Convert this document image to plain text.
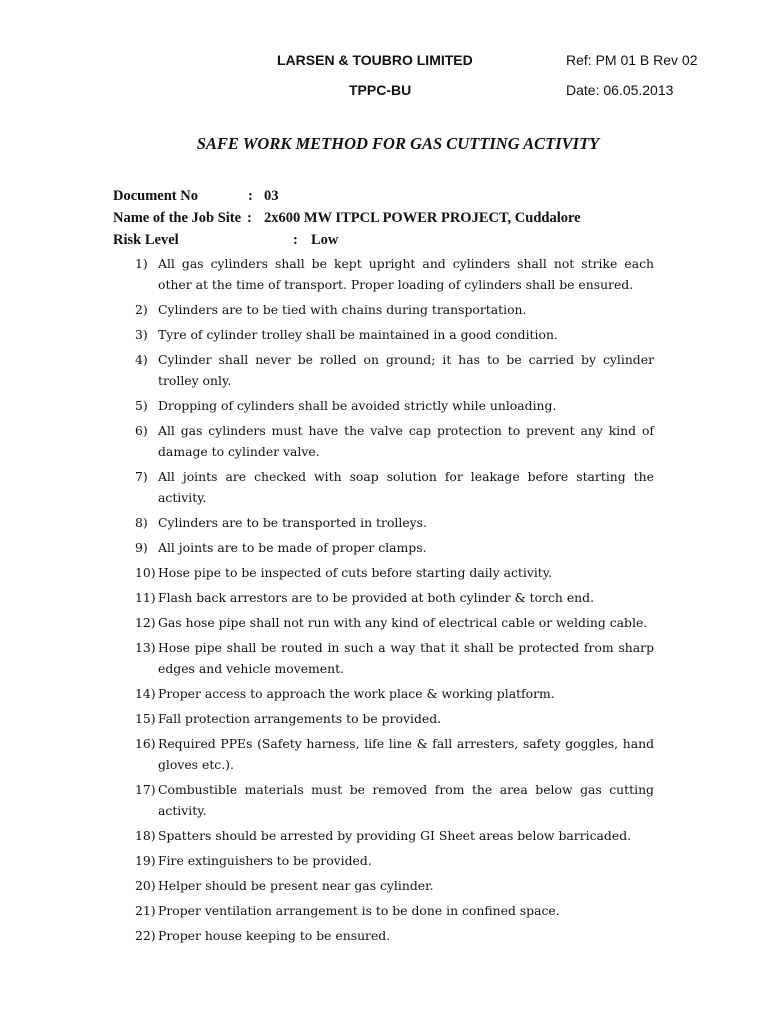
LARSEN & TOUBRO LIMITED
TPPC-BU
Ref: PM 01 B Rev 02
Date: 06.05.2013
SAFE WORK METHOD FOR GAS CUTTING ACTIVITY
Document No	: 03
Name of the Job Site : 2x600 MW ITPCL POWER PROJECT, Cuddalore
Risk Level	: Low
1) All gas cylinders shall be kept upright and cylinders shall not strike each other at the time of transport. Proper loading of cylinders shall be ensured.
2) Cylinders are to be tied with chains during transportation.
3) Tyre of cylinder trolley shall be maintained in a good condition.
4) Cylinder shall never be rolled on ground; it has to be carried by cylinder trolley only.
5) Dropping of cylinders shall be avoided strictly while unloading.
6) All gas cylinders must have the valve cap protection to prevent any kind of damage to cylinder valve.
7) All joints are checked with soap solution for leakage before starting the activity.
8) Cylinders are to be transported in trolleys.
9) All joints are to be made of proper clamps.
10) Hose pipe to be inspected of cuts before starting daily activity.
11) Flash back arrestors are to be provided at both cylinder & torch end.
12) Gas hose pipe shall not run with any kind of electrical cable or welding cable.
13) Hose pipe shall be routed in such a way that it shall be protected from sharp edges and vehicle movement.
14) Proper access to approach the work place & working platform.
15) Fall protection arrangements to be provided.
16) Required PPEs (Safety harness, life line & fall arresters, safety goggles, hand gloves etc.).
17) Combustible materials must be removed from the area below gas cutting activity.
18) Spatters should be arrested by providing GI Sheet areas below barricaded.
19) Fire extinguishers to be provided.
20) Helper should be present near gas cylinder.
21) Proper ventilation arrangement is to be done in confined space.
22) Proper house keeping to be ensured.
